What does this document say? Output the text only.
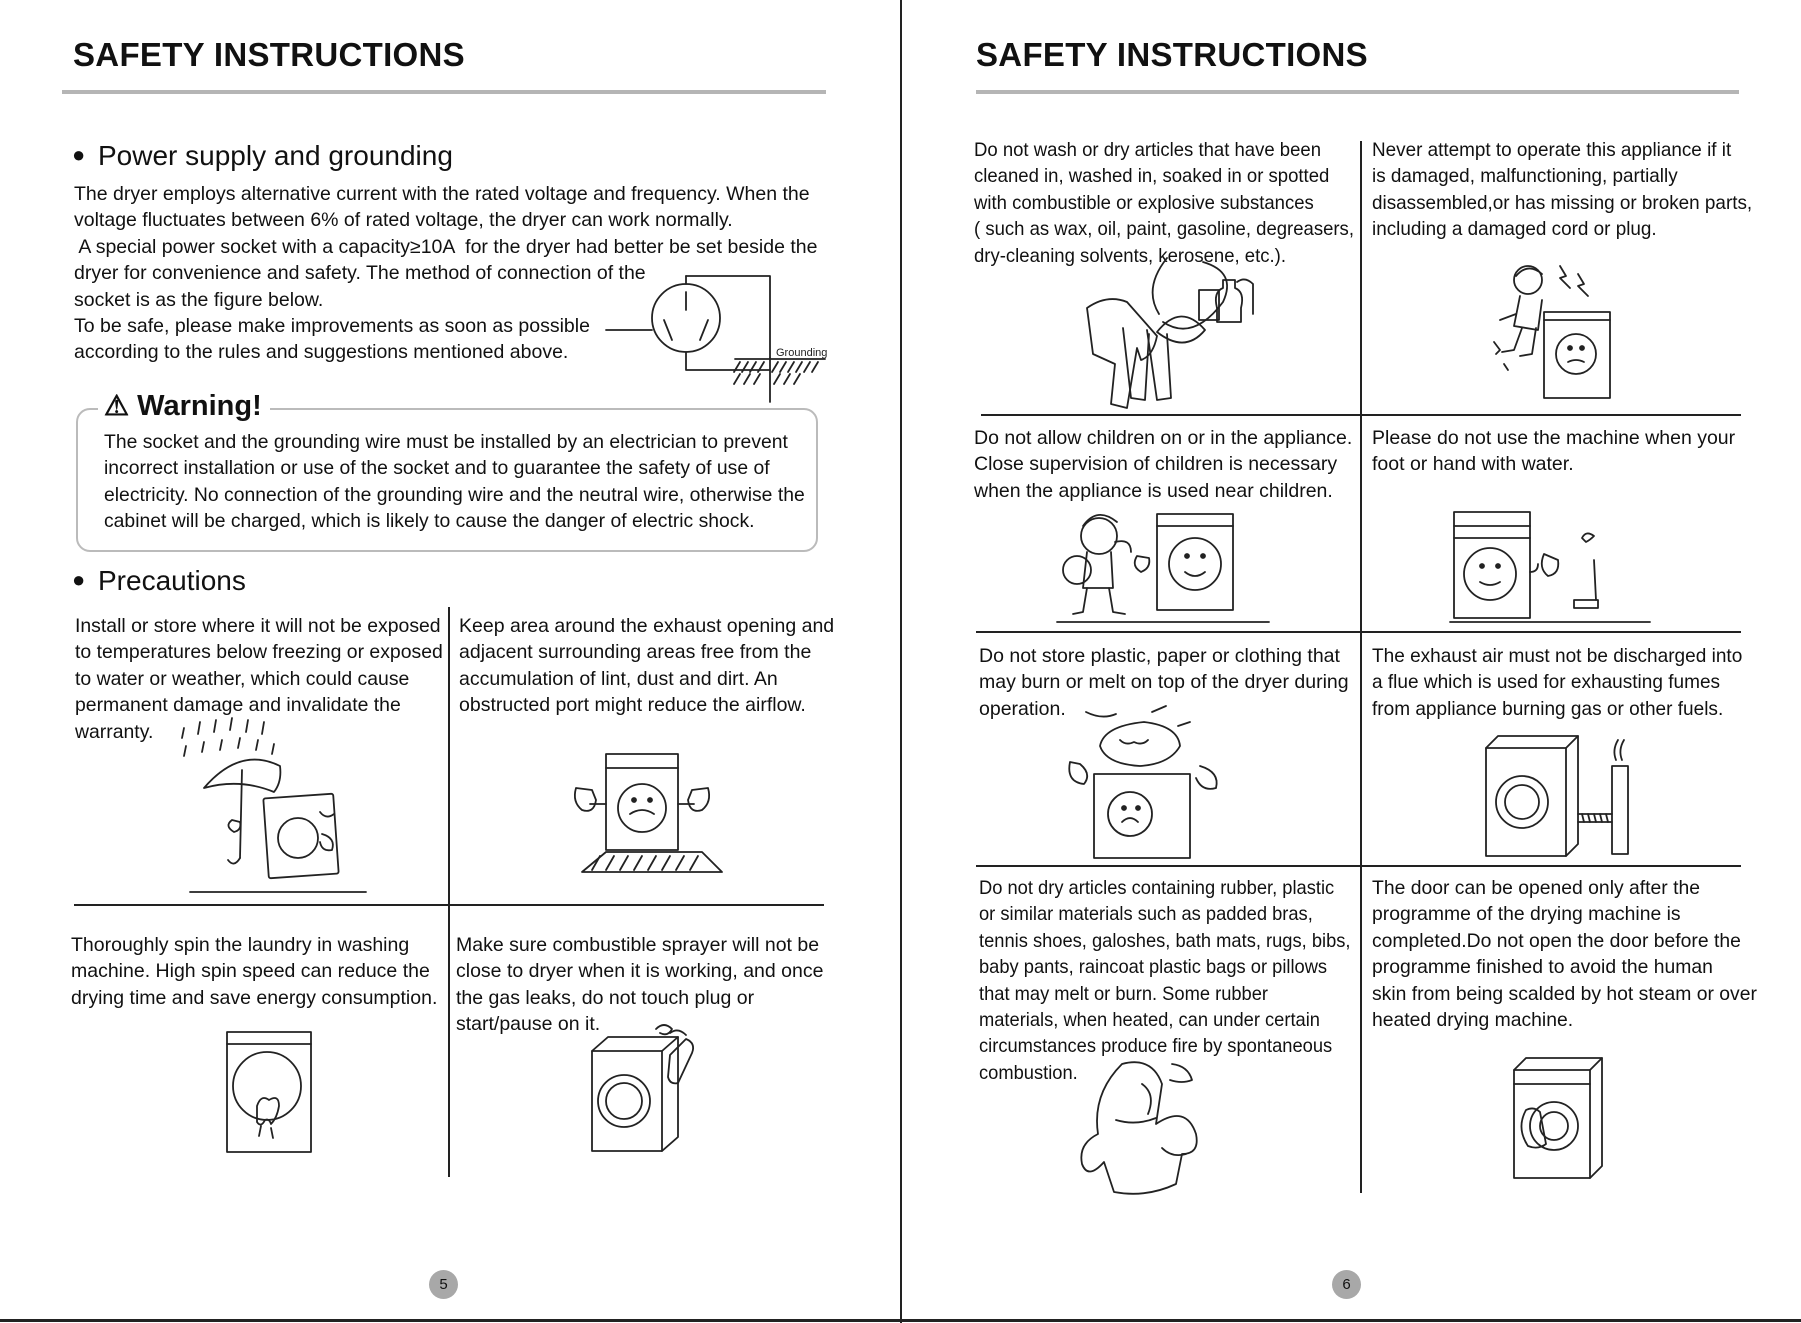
SAFETY INSTRUCTIONS
● Power supply and grounding

The dryer employs alternative current with the rated voltage and frequency. When the

voltage fluctuates between 6% of rated voltage, the dryer can work normally.

A special power socket with a capacity≥10A  for the dryer had better be set beside the

dryer for convenience and safety. The method of connection of the

socket is as the figure below.

To be safe, please make improvements as soon as possible

according to the rules and suggestions mentioned above.	Grounding
⚠ Warning!

The socket and the grounding wire must be installed by an electrician to prevent

incorrect installation or use of the socket and to guarantee the safety of use of

electricity. No connection of the grounding wire and the neutral wire, otherwise the

cabinet will be charged, which is likely to cause the danger of electric shock.

● Precautions

Install or store where it will not be exposed

to temperatures below freezing or exposed

to water or weather, which could cause

permanent damage and invalidate the

warranty.

Keep area around the exhaust opening and

adjacent surrounding areas free from the

accumulation of lint, dust and dirt. An

obstructed port might reduce the airflow.

Thoroughly spin the laundry in washing

machine. High spin speed can reduce the

drying time and save energy consumption.

Make sure combustible sprayer will not be

close to dryer when it is working, and once

the gas leaks, do not touch plug or

start/pause on it.

5
SAFETY INSTRUCTIONS

Do not wash or dry articles that have been

cleaned in, washed in, soaked in or spotted

with combustible or explosive substances

( such as wax, oil, paint, gasoline, degreasers,

dry-cleaning solvents, kerosene, etc.).

Never attempt to operate this appliance if it

is damaged, malfunctioning, partially

disassembled,or has missing or broken parts,

including a damaged cord or plug.

Do not allow children on or in the appliance.

Close supervision of children is necessary

when the appliance is used near children.

Please do not use the machine when your

foot or hand with water.

Do not store plastic, paper or clothing that

may burn or melt on top of the dryer during

operation.

The exhaust air must not be discharged into

a flue which is used for exhausting fumes

from appliance burning gas or other fuels.

Do not dry articles containing rubber, plastic

or similar materials such as padded bras,

tennis shoes, galoshes, bath mats, rugs, bibs,

baby pants, raincoat plastic bags or pillows

that may melt or burn. Some rubber

materials, when heated, can under certain

circumstances produce fire by spontaneous

combustion.

The door can be opened only after the

programme of the drying machine is

completed.Do not open the door before the

programme finished to avoid the human

skin from being scalded by hot steam or over

heated drying machine.

6
